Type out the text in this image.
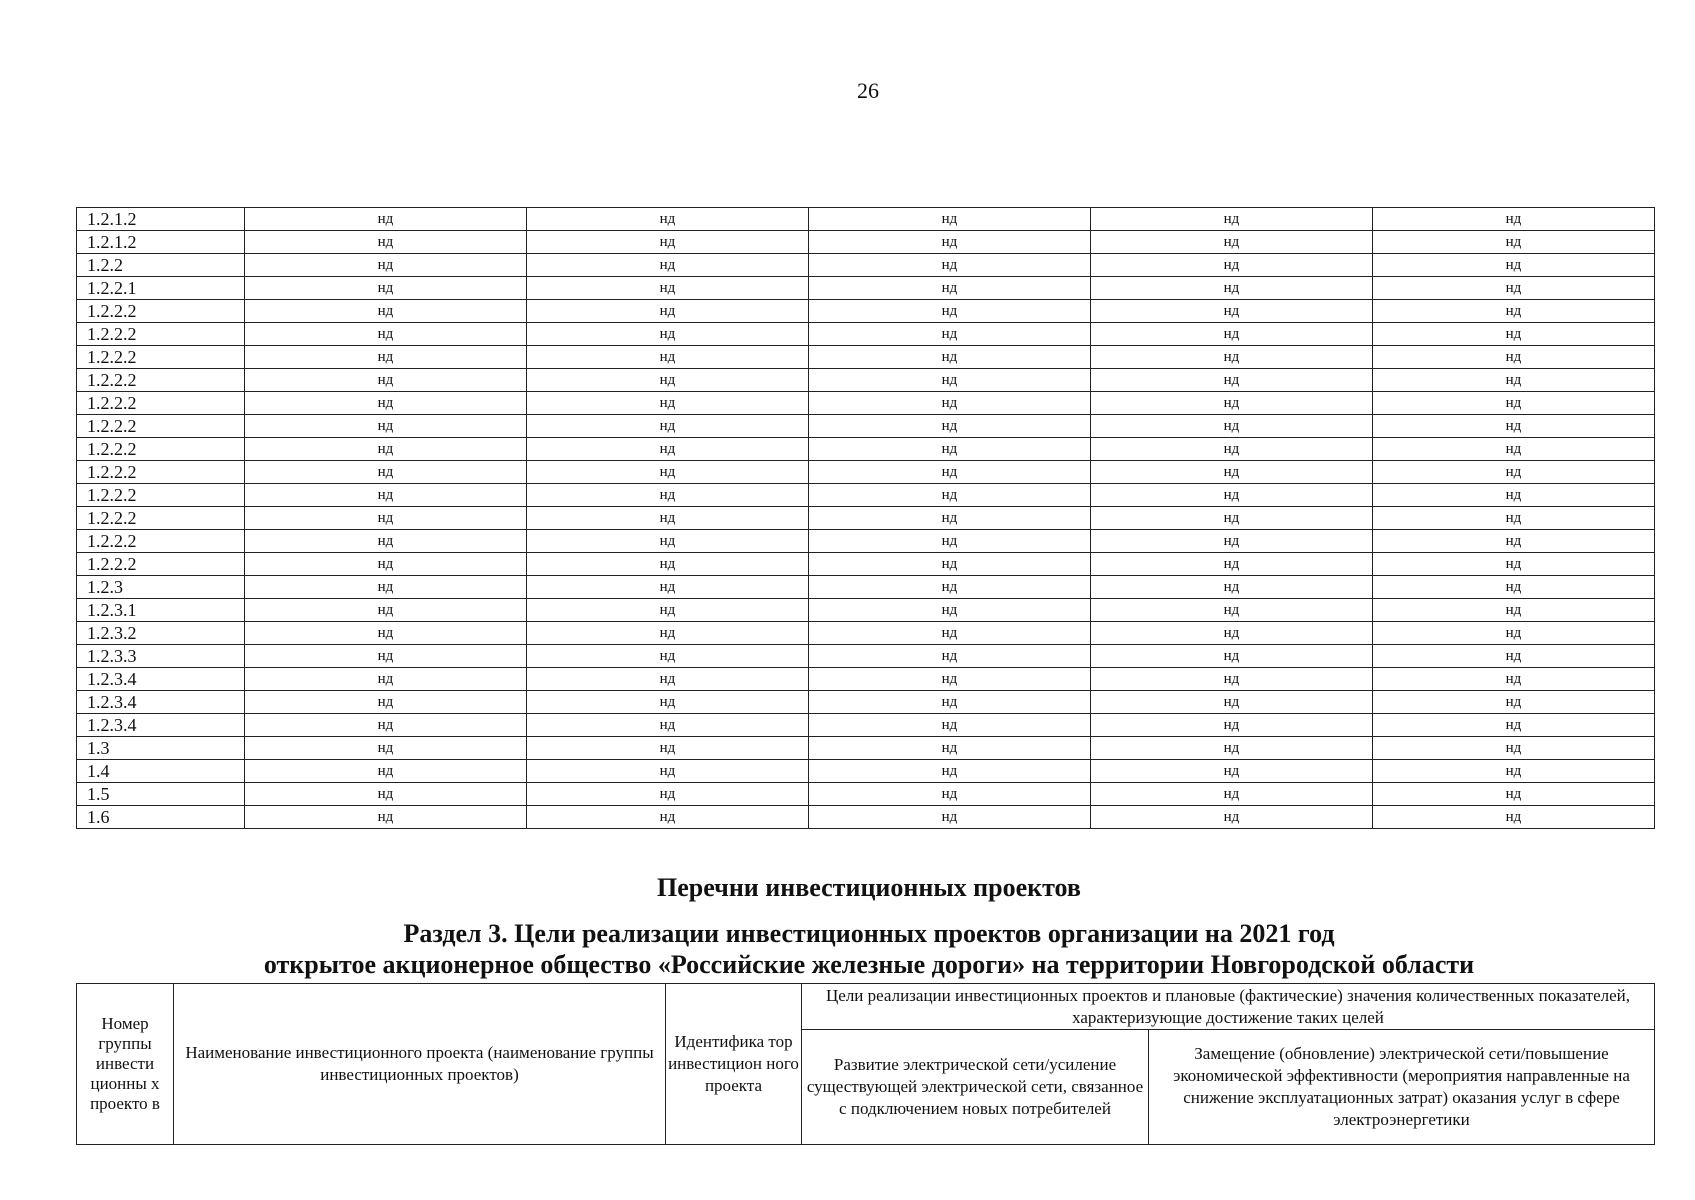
26
1.2.1.2	нд	нд	нд	нд	нд
1.2.1.2	нд	нд	нд	нд	нд
1.2.2	нд	нд	нд	нд	нд
1.2.2.1	нд	нд	нд	нд	нд
1.2.2.2	нд	нд	нд	нд	нд
1.2.2.2	нд	нд	нд	нд	нд
1.2.2.2	нд	нд	нд	нд	нд
1.2.2.2	нд	нд	нд	нд	нд
1.2.2.2	нд	нд	нд	нд	нд
1.2.2.2	нд	нд	нд	нд	нд
1.2.2.2	нд	нд	нд	нд	нд
1.2.2.2	нд	нд	нд	нд	нд
1.2.2.2	нд	нд	нд	нд	нд
1.2.2.2	нд	нд	нд	нд	нд
1.2.2.2	нд	нд	нд	нд	нд
1.2.2.2	нд	нд	нд	нд	нд
1.2.3	нд	нд	нд	нд	нд
1.2.3.1	нд	нд	нд	нд	нд
1.2.3.2	нд	нд	нд	нд	нд
1.2.3.3	нд	нд	нд	нд	нд
1.2.3.4	нд	нд	нд	нд	нд
1.2.3.4	нд	нд	нд	нд	нд
1.2.3.4	нд	нд	нд	нд	нд
1.3	нд	нд	нд	нд	нд
1.4	нд	нд	нд	нд	нд
1.5	нд	нд	нд	нд	нд
1.6	нд	нд	нд	нд	нд
Перечни инвестиционных проектов
Раздел 3. Цели реализации инвестиционных проектов организации на 2021 год
открытое акционерное общество «Российские железные дороги» на территории Новгородской области
Номер группы инвести ционны х проекто в	Наименование инвестиционного проекта (наименование группы инвестиционных проектов)	Идентифика тор инвестицион ного проекта	Цели реализации инвестиционных проектов и плановые (фактические) значения количественных показателей, характеризующие достижение таких целей	
			Развитие электрической сети/усиление существующей электрической сети, связанное с подключением новых потребителей	Замещение (обновление) электрической сети/повышение экономической эффективности (мероприятия направленные на снижение эксплуатационных затрат) оказания услуг в сфере электроэнергетики
